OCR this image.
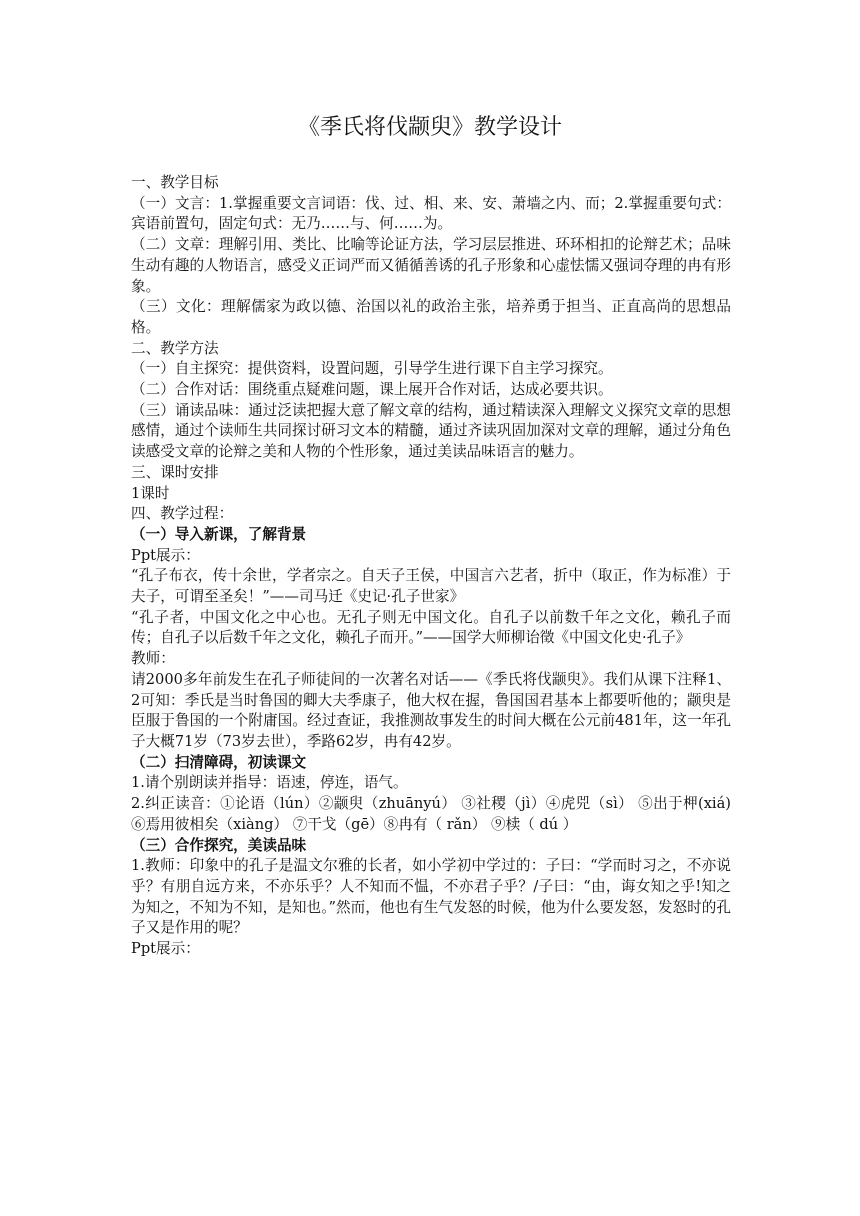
《季氏将伐颛臾》教学设计

一、教学目标

（一）文言：1.掌握重要文言词语：伐、过、相、来、安、萧墙之内、而；2.掌握重要句式：宾语前置句，固定句式：无乃……与、何……为。

（二）文章：理解引用、类比、比喻等论证方法，学习层层推进、环环相扣的论辩艺术；品味生动有趣的人物语言，感受义正词严而又循循善诱的孔子形象和心虚怯懦又强词夺理的冉有形象。

（三）文化：理解儒家为政以德、治国以礼的政治主张，培养勇于担当、正直高尚的思想品格。

二、教学方法

（一）自主探究：提供资料，设置问题，引导学生进行课下自主学习探究。

（二）合作对话：围绕重点疑难问题，课上展开合作对话，达成必要共识。

（三）诵读品味：通过泛读把握大意了解文章的结构，通过精读深入理解文义探究文章的思想感情，通过个读师生共同探讨研习文本的精髓，通过齐读巩固加深对文章的理解，通过分角色读感受文章的论辩之美和人物的个性形象，通过美读品味语言的魅力。

三、课时安排

1课时

四、教学过程：

（一）导入新课，了解背景

Ppt展示：

“孔子布衣，传十余世，学者宗之。自天子王侯，中国言六艺者，折中（取正，作为标准）于夫子，可谓至圣矣！”——司马迁《史记·孔子世家》

“孔子者，中国文化之中心也。无孔子则无中国文化。自孔子以前数千年之文化，赖孔子而传；自孔子以后数千年之文化，赖孔子而开。”——国学大师柳诒徵《中国文化史·孔子》

教师：

请2000多年前发生在孔子师徒间的一次著名对话——《季氏将伐颛臾》。我们从课下注释1、2可知：季氏是当时鲁国的卿大夫季康子，他大权在握，鲁国国君基本上都要听他的；颛臾是臣服于鲁国的一个附庸国。经过查证，我推测故事发生的时间大概在公元前481年，这一年孔子大概71岁（73岁去世），季路62岁，冉有42岁。

（二）扫清障碍，初读课文

1.请个别朗读并指导：语速，停连，语气。

2.纠正读音：①论语（lún）②颛臾（zhuānyú） ③社稷（jì）④虎兕（sì） ⑤出于柙(xiá) ⑥焉用彼相矣（xiàng） ⑦干戈（gē）⑧冉有（ rǎn） ⑨椟（ dú ）

（三）合作探究，美读品味

1.教师：印象中的孔子是温文尔雅的长者，如小学初中学过的：子曰：“学而时习之，不亦说乎？有朋自远方来，不亦乐乎？人不知而不愠，不亦君子乎？/子曰：“由，诲女知之乎!知之为知之，不知为不知，是知也。”然而，他也有生气发怒的时候，他为什么要发怒，发怒时的孔子又是作用的呢？

Ppt展示：
